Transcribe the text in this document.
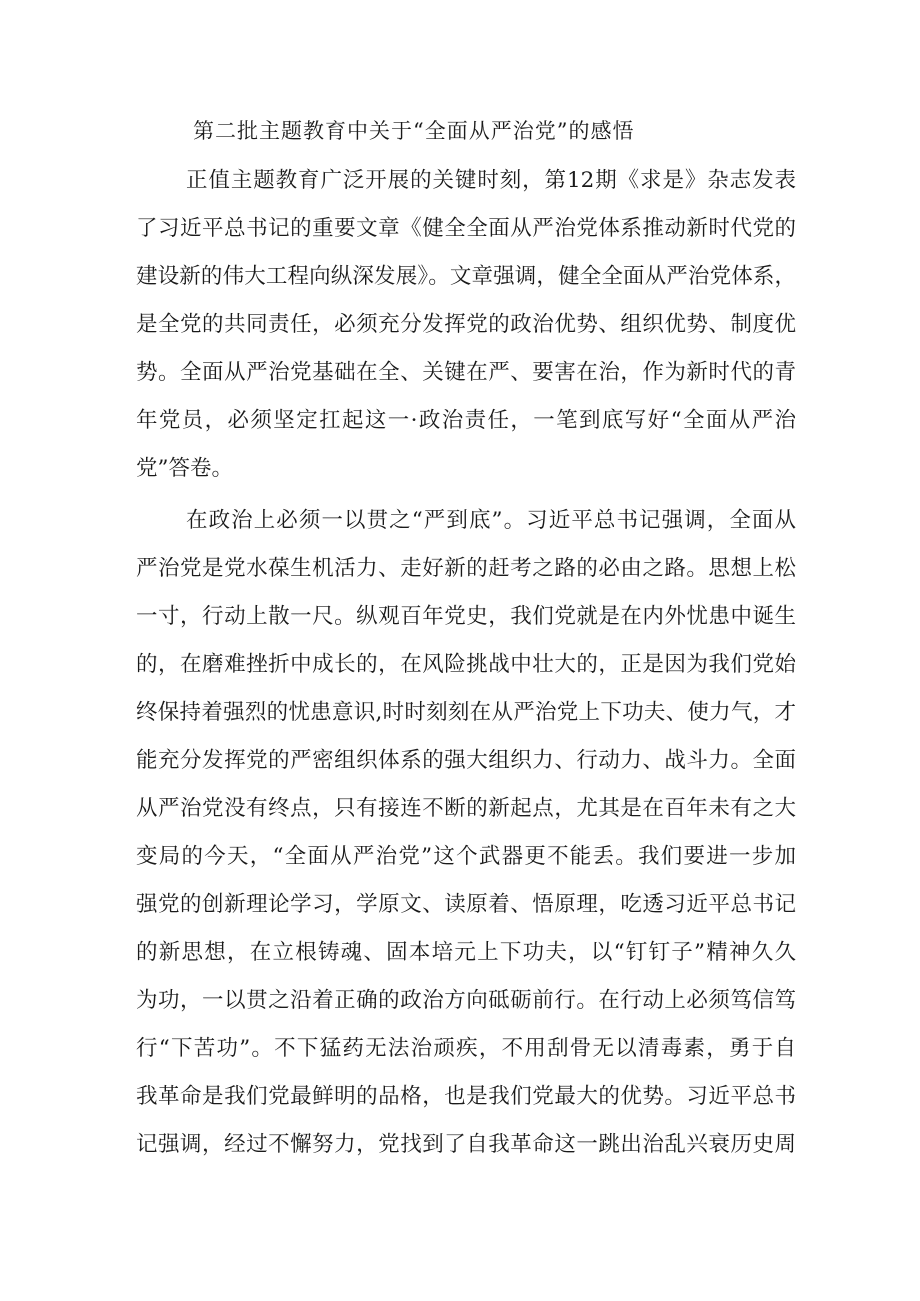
第二批主题教育中关于“全面从严治党”的感悟

正值主题教育广泛开展的关键时刻，第12期《求是》杂志发表

了习近平总书记的重要文章《健全全面从严治党体系推动新时代党的

建设新的伟大工程向纵深发展》。文章强调，健全全面从严治党体系，

是全党的共同责任，必须充分发挥党的政治优势、组织优势、制度优

势。全面从严治党基础在全、关键在严、要害在治，作为新时代的青

年党员，必须坚定扛起这一·政治责任，一笔到底写好“全面从严治

党”答卷。

在政治上必须一以贯之“严到底”。习近平总书记强调，全面从

严治党是党水葆生机活力、走好新的赶考之路的必由之路。思想上松

一寸，行动上散一尺。纵观百年党史，我们党就是在内外忧患中诞生

的，在磨难挫折中成长的，在风险挑战中壮大的，正是因为我们党始

终保持着强烈的忧患意识,时时刻刻在从严治党上下功夫、使力气，才

能充分发挥党的严密组织体系的强大组织力、行动力、战斗力。全面

从严治党没有终点，只有接连不断的新起点，尤其是在百年未有之大

变局的今天，“全面从严治党”这个武器更不能丢。我们要进一步加

强党的创新理论学习，学原文、读原着、悟原理，吃透习近平总书记

的新思想，在立根铸魂、固本培元上下功夫，以“钉钉子”精神久久

为功，一以贯之沿着正确的政治方向砥砺前行。在行动上必须笃信笃

行“下苦功”。不下猛药无法治顽疾，不用刮骨无以清毒素，勇于自

我革命是我们党最鲜明的品格，也是我们党最大的优势。习近平总书

记强调，经过不懈努力，党找到了自我革命这一跳出治乱兴衰历史周
